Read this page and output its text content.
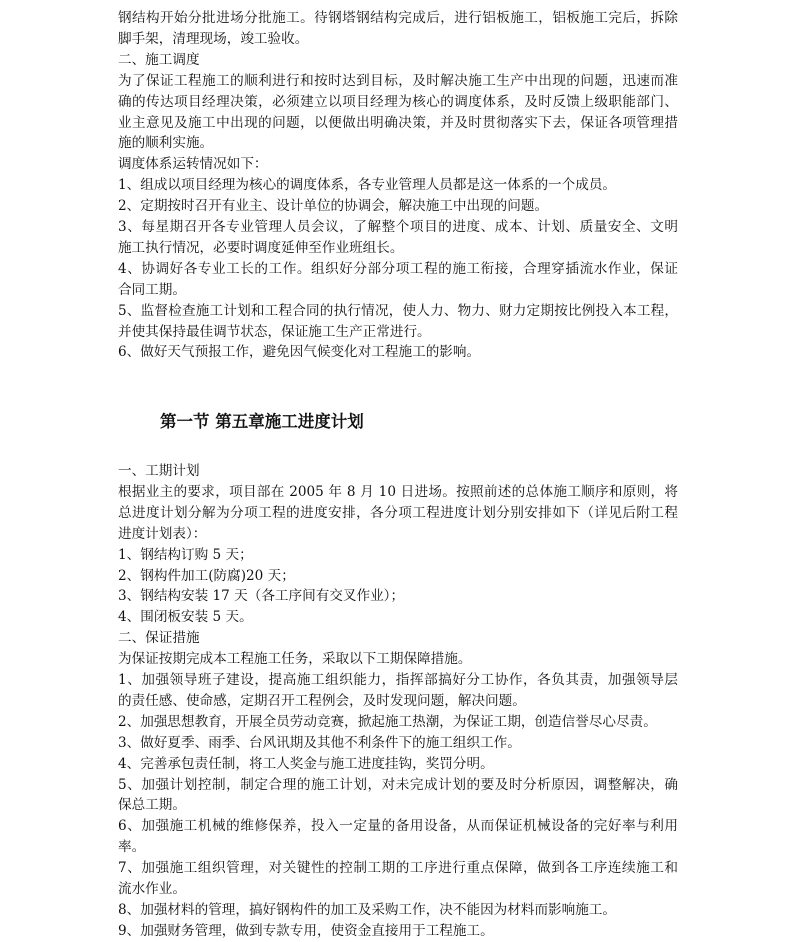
钢结构开始分批进场分批施工。待钢塔钢结构完成后，进行铝板施工，铝板施工完后，拆除
脚手架，清理现场，竣工验收。
二、施工调度
为了保证工程施工的顺利进行和按时达到目标，及时解决施工生产中出现的问题，迅速而准
确的传达项目经理决策，必须建立以项目经理为核心的调度体系，及时反馈上级职能部门、
业主意见及施工中出现的问题，以便做出明确决策，并及时贯彻落实下去，保证各项管理措
施的顺利实施。
调度体系运转情况如下：
1、组成以项目经理为核心的调度体系，各专业管理人员都是这一体系的一个成员。
2、定期按时召开有业主、设计单位的协调会，解决施工中出现的问题。
3、每星期召开各专业管理人员会议，了解整个项目的进度、成本、计划、质量安全、文明
施工执行情况，必要时调度延伸至作业班组长。
4、协调好各专业工长的工作。组织好分部分项工程的施工衔接，合理穿插流水作业，保证
合同工期。
5、监督检查施工计划和工程合同的执行情况，使人力、物力、财力定期按比例投入本工程，
并使其保持最佳调节状态，保证施工生产正常进行。
6、做好天气预报工作，避免因气候变化对工程施工的影响。
第一节 第五章施工进度计划
一、工期计划
根据业主的要求，项目部在 2005 年 8 月 10 日进场。按照前述的总体施工顺序和原则，将
总进度计划分解为分项工程的进度安排，各分项工程进度计划分别安排如下（详见后附工程
进度计划表）：
1、钢结构订购 5 天；
2、钢构件加工(防腐)20 天；
3、钢结构安装 17 天（各工序间有交叉作业）；
4、围闭板安装 5 天。
二、保证措施
为保证按期完成本工程施工任务，采取以下工期保障措施。
1、加强领导班子建设，提高施工组织能力，指挥部搞好分工协作，各负其责，加强领导层
的责任感、使命感，定期召开工程例会，及时发现问题，解决问题。
2、加强思想教育，开展全员劳动竞赛，掀起施工热潮，为保证工期，创造信誉尽心尽责。
3、做好夏季、雨季、台风讯期及其他不利条件下的施工组织工作。
4、完善承包责任制，将工人奖金与施工进度挂钩，奖罚分明。
5、加强计划控制，制定合理的施工计划，对未完成计划的要及时分析原因，调整解决，确
保总工期。
6、加强施工机械的维修保养，投入一定量的备用设备，从而保证机械设备的完好率与利用
率。
7、加强施工组织管理，对关键性的控制工期的工序进行重点保障，做到各工序连续施工和
流水作业。
8、加强材料的管理，搞好钢构件的加工及采购工作，决不能因为材料而影响施工。
9、加强财务管理，做到专款专用，使资金直接用于工程施工。
